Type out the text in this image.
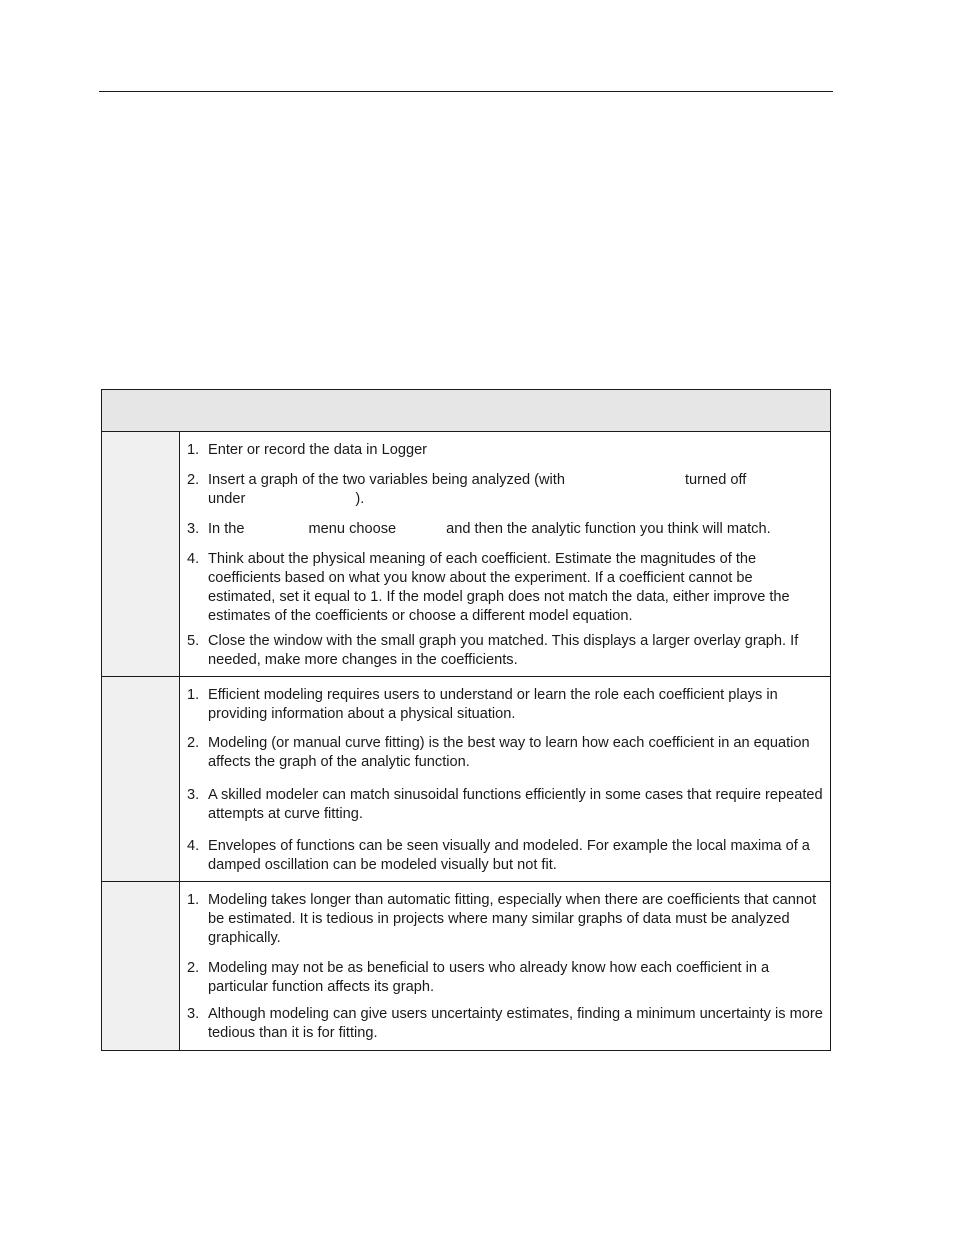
1. Enter or record the data in Logger
2. Insert a graph of the two variables being analyzed (with	turned off
under	).
3. In the	menu choose	and then the analytic function you think will match.
4. Think about the physical meaning of each coefficient. Estimate the magnitudes of the coefficients based on what you know about the experiment. If a coefficient cannot be estimated, set it equal to 1. If the model graph does not match the data, either improve the estimates of the coefficients or choose a different model equation.
5. Close the window with the small graph you matched. This displays a larger overlay graph. If needed, make more changes in the coefficients.
1. Efficient modeling requires users to understand or learn the role each coefficient plays in providing information about a physical situation.
2. Modeling (or manual curve fitting) is the best way to learn how each coefficient in an equation affects the graph of the analytic function.
3. A skilled modeler can match sinusoidal functions efficiently in some cases that require repeated attempts at curve fitting.
4. Envelopes of functions can be seen visually and modeled. For example the local maxima of a damped oscillation can be modeled visually but not fit.
1. Modeling takes longer than automatic fitting, especially when there are coefficients that cannot be estimated. It is tedious in projects where many similar graphs of data must be analyzed graphically.
2. Modeling may not be as beneficial to users who already know how each coefficient in a particular function affects its graph.
3. Although modeling can give users uncertainty estimates, finding a minimum uncertainty is more tedious than it is for fitting.
